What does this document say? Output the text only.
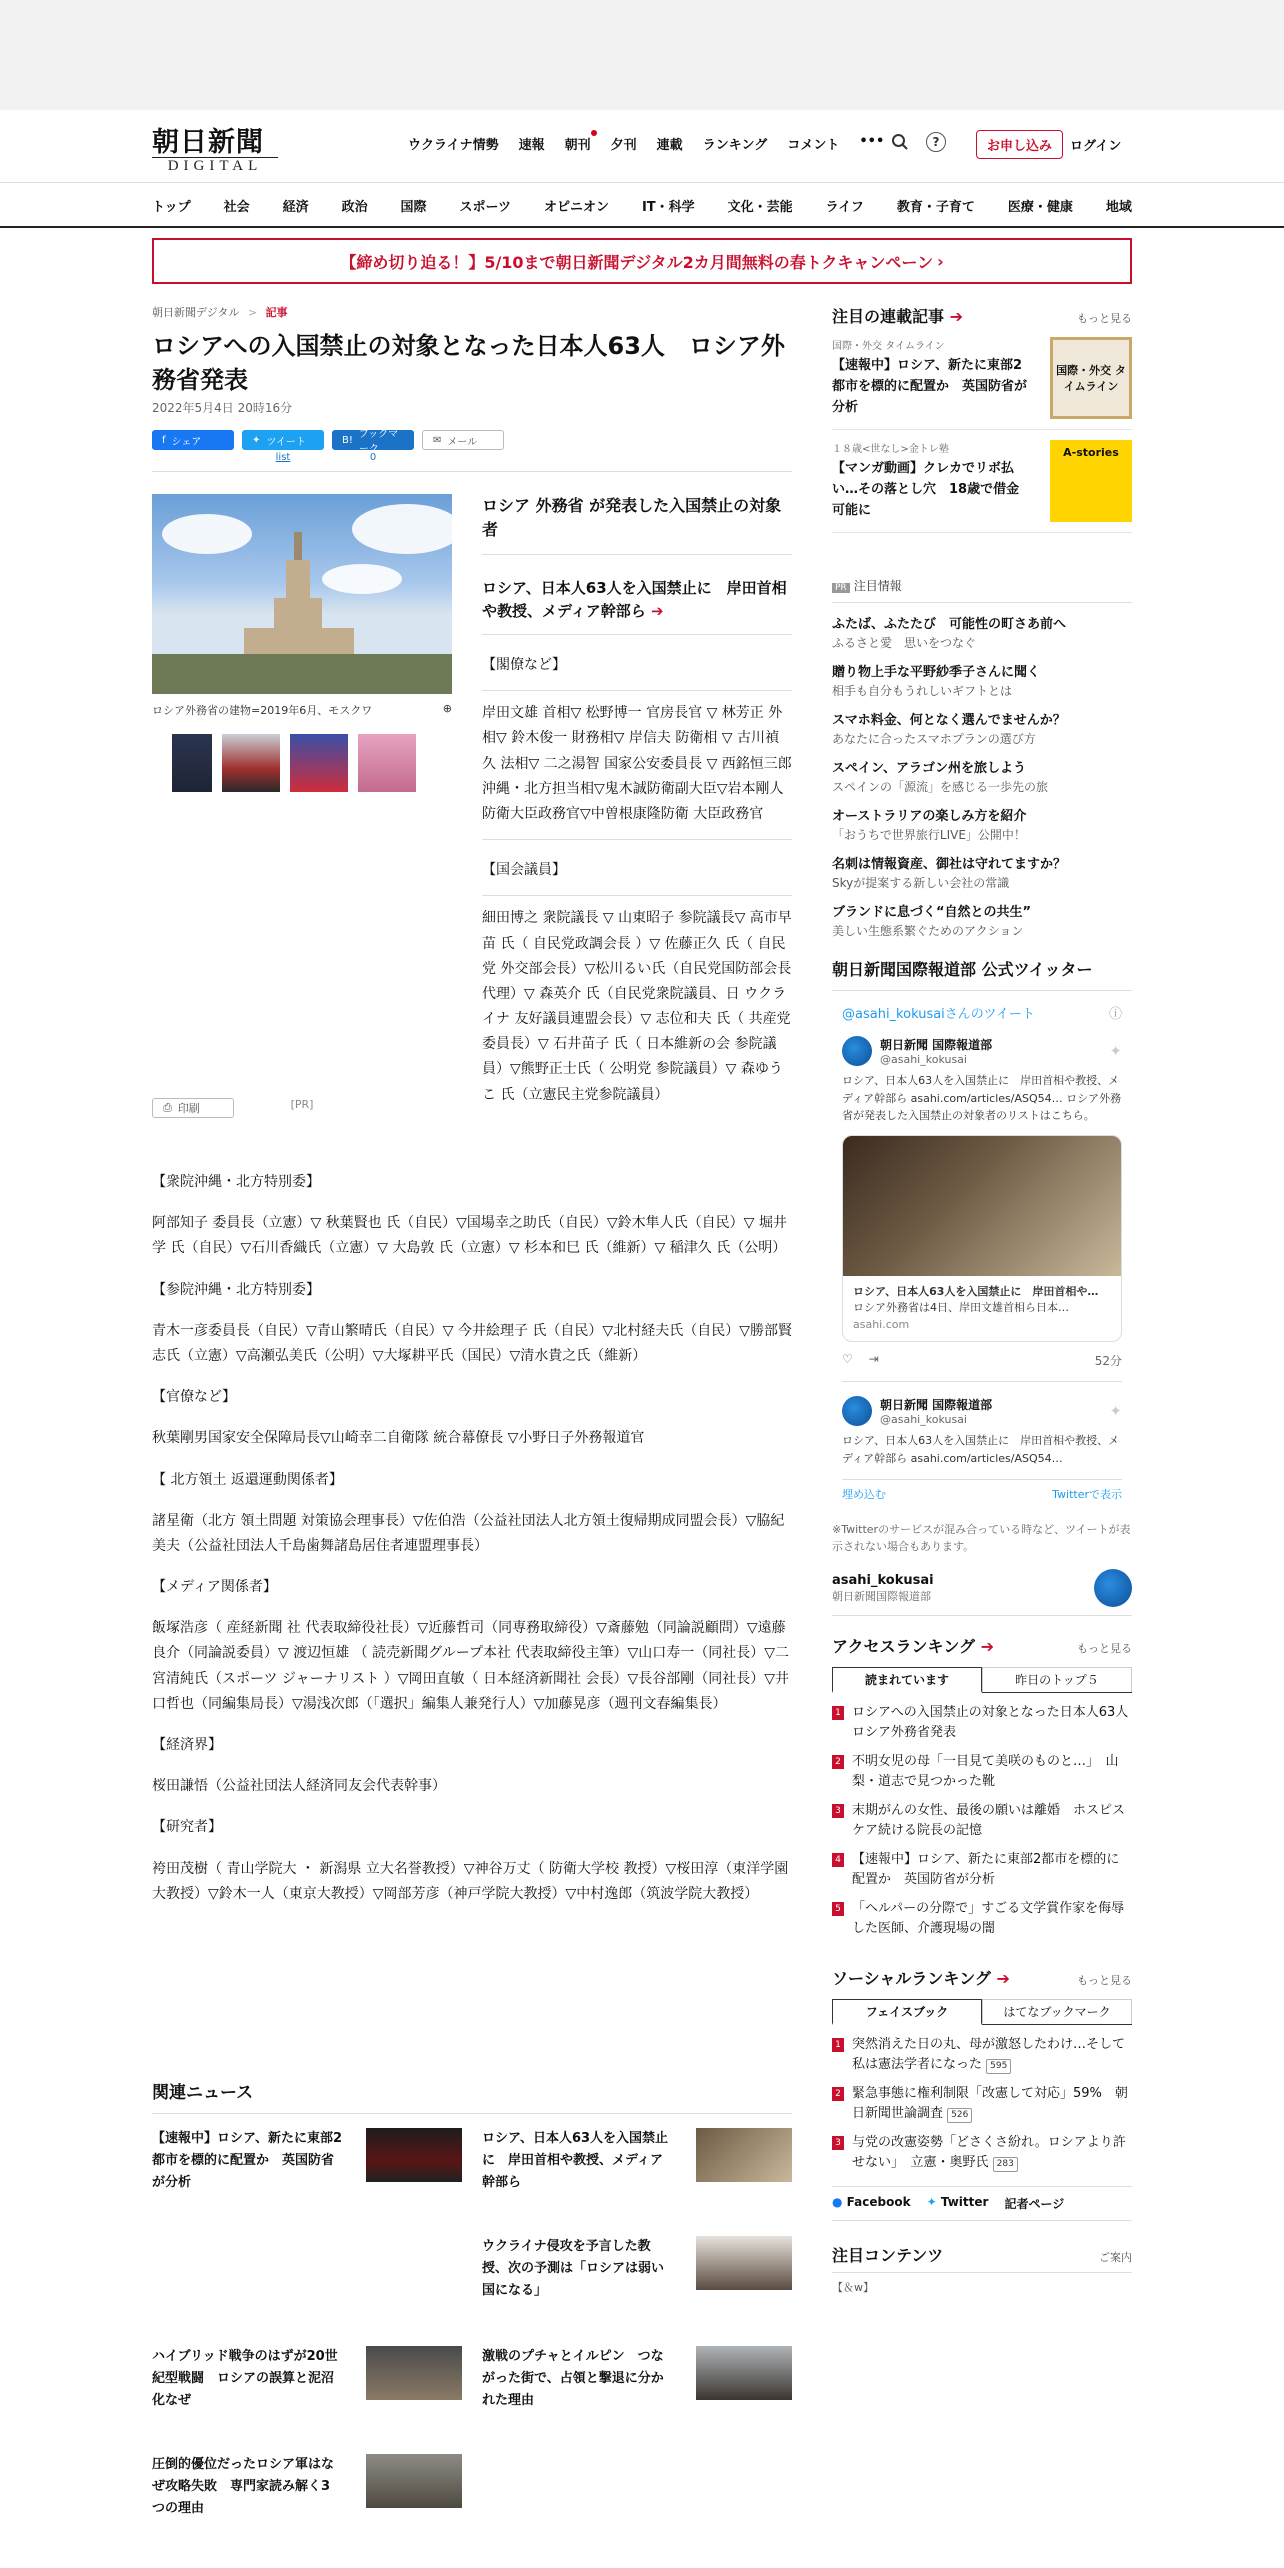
朝日新聞
DIGITAL
ウクライナ情勢 速報 朝刊 夕刊 連載 ランキング コメント •••	?	お申し込み	ログイン
トップ	社会	経済	政治	国際	スポーツ	オピニオン	IT・科学	文化・芸能	ライフ	教育・子育て	医療・健康	地域
【締め切り迫る！】5/10まで朝日新聞デジタル2カ月間無料の春トクキャンペーン ›
朝日新聞デジタル > 記事
ロシアへの入国禁止の対象となった日本人63人　ロシア外務省発表
2022年5月4日 20時16分
f シェア	✦ ツイート	B! ブックマーク
✉ メール
⎙ 印刷
list	0
ロシア外務省の建物=2019年6月、モスクワ	⊕
[PR]
ロシア 外務省 が発表した入国禁止の対象者
ロシア、日本人63人を入国禁止に　岸田首相や教授、メディア幹部ら ➔
【閣僚など】
岸田文雄 首相▽ 松野博一 官房長官 ▽ 林芳正 外相▽ 鈴木俊一 財務相▽ 岸信夫 防衛相 ▽ 古川禎久 法相▽ 二之湯智 国家公安委員長 ▽ 西銘恒三郎 沖縄・北方担当相▽鬼木誠防衛副大臣▽岩本剛人 防衛大臣政務官▽中曽根康隆防衛 大臣政務官
【国会議員】
細田博之 衆院議長 ▽ 山東昭子 参院議長▽ 高市早苗 氏（ 自民党政調会長 ）▽ 佐藤正久 氏（ 自民党 外交部会長）▽松川るい氏（自民党国防部会長代理）▽ 森英介 氏（自民党衆院議員、日 ウクライナ 友好議員連盟会長）▽ 志位和夫 氏（ 共産党 委員長）▽ 石井苗子 氏（ 日本維新の会 参院議員）▽熊野正士氏（ 公明党 参院議員）▽ 森ゆうこ 氏（立憲民主党参院議員）

【衆院沖縄・北方特別委】

阿部知子 委員長（立憲）▽ 秋葉賢也 氏（自民）▽国場幸之助氏（自民）▽鈴木隼人氏（自民）▽ 堀井学 氏（自民）▽石川香織氏（立憲）▽ 大島敦 氏（立憲）▽ 杉本和巳 氏（維新）▽ 稲津久 氏（公明）

【参院沖縄・北方特別委】

青木一彦委員長（自民）▽青山繁晴氏（自民）▽ 今井絵理子 氏（自民）▽北村経夫氏（自民）▽勝部賢志氏（立憲）▽高瀬弘美氏（公明）▽大塚耕平氏（国民）▽清水貴之氏（維新）

【官僚など】

秋葉剛男国家安全保障局長▽山崎幸二自衛隊 統合幕僚長 ▽小野日子外務報道官

【 北方領土 返還運動関係者】

諸星衛（北方 領土問題 対策協会理事長）▽佐伯浩（公益社団法人北方領土復帰期成同盟会長）▽脇紀美夫（公益社団法人千島歯舞諸島居住者連盟理事長）

【メディア関係者】

飯塚浩彦（ 産経新聞 社 代表取締役社長）▽近藤哲司（同専務取締役）▽斎藤勉（同論説顧問）▽遠藤良介（同論説委員）▽ 渡辺恒雄 （ 読売新聞グループ本社 代表取締役主筆）▽山口寿一（同社長）▽二宮清純氏（スポーツ ジャーナリスト ）▽岡田直敏（ 日本経済新聞社 会長）▽長谷部剛（同社長）▽井口哲也（同編集局長）▽湯浅次郎（「選択」編集人兼発行人）▽加藤晃彦（週刊文春編集長）

【経済界】

桜田謙悟（公益社団法人経済同友会代表幹事）

【研究者】

袴田茂樹（ 青山学院大 ・ 新潟県 立大名誉教授）▽神谷万丈（ 防衛大学校 教授）▽桜田淳（東洋学園大教授）▽鈴木一人（東京大教授）▽岡部芳彦（神戸学院大教授）▽中村逸郎（筑波学院大教授）

関連ニュース
【速報中】ロシア、新たに東部2都市を標的に配置か　英国防省が分析
ロシア、日本人63人を入国禁止に　岸田首相や教授、メディア幹部ら
ウクライナ侵攻を予言した教授、次の予測は「ロシアは弱い国になる」
ハイブリッド戦争のはずが20世紀型戦闘　ロシアの誤算と泥沼化なぜ
激戦のプチャとイルピン　つながった街で、占領と撃退に分かれた理由
圧倒的優位だったロシア軍はなぜ攻略失敗　専門家読み解く3つの理由
注目の連載記事 ➔	もっと見る
国際・外交 タイムライン
【速報中】ロシア、新たに東部2都市を標的に配置か　英国防省が分析
国際・外交 タイムライン
１８歳<世なし>金トレ塾
【マンガ動画】クレカでリボ払い…その落とし穴　18歳で借金可能に
A-stories
PR 注目情報
ふたば、ふたたび　可能性の町さあ前へ
ふるさと愛　思いをつなぐ
贈り物上手な平野紗季子さんに聞く
相手も自分もうれしいギフトとは
スマホ料金、何となく選んでませんか？
あなたに合ったスマホプランの選び方
スペイン、アラゴン州を旅しよう
スペインの「源流」を感じる一歩先の旅
オーストラリアの楽しみ方を紹介
「おうちで世界旅行LIVE」公開中！
名刺は情報資産、御社は守れてますか？
Skyが提案する新しい会社の常識
ブランドに息づく“自然との共生”
美しい生態系繁ぐためのアクション
朝日新聞国際報道部 公式ツイッター
@asahi_kokusaiさんのツイート	ⓘ
朝日新聞 国際報道部
@asahi_kokusai	✦
ロシア、日本人63人を入国禁止に　岸田首相や教授、メディア幹部ら asahi.com/articles/ASQ54… ロシア外務省が発表した入国禁止の対象者のリストはこちら。
ロシア、日本人63人を入国禁止に　岸田首相や…
ロシア外務省は4日、岸田文雄首相ら日本…
asahi.com
♡ ⇥	52分
朝日新聞 国際報道部
@asahi_kokusai	✦
ロシア、日本人63人を入国禁止に　岸田首相や教授、メディア幹部ら asahi.com/articles/ASQ54…
埋め込む	Twitterで表示
※Twitterのサービスが混み合っている時など、ツイートが表示されない場合もあります。
asahi_kokusai
朝日新聞国際報道部
アクセスランキング ➔	もっと見る
読まれています	昨日のトップ５
1 ロシアへの入国禁止の対象となった日本人63人　ロシア外務省発表
2 不明女児の母「一目見て美咲のものと…」　山梨・道志で見つかった靴
3 末期がんの女性、最後の願いは離婚　ホスピスケア続ける院長の記憶
4 【速報中】ロシア、新たに東部2都市を標的に配置か　英国防省が分析
5 「ヘルパーの分際で」すごる文学賞作家を侮辱した医師、介護現場の闇
ソーシャルランキング ➔	もっと見る
フェイスブック	はてなブックマーク
1 突然消えた日の丸、母が激怒したわけ…そして私は憲法学者になった 595
2 緊急事態に権利制限「改憲して対応」59%　朝日新聞世論調査 526
3 与党の改憲姿勢「どさくさ紛れ。ロシアより許せない」　立憲・奥野氏 283
● Facebook ✦ Twitter 記者ページ
注目コンテンツ	ご案内
【＆w】
